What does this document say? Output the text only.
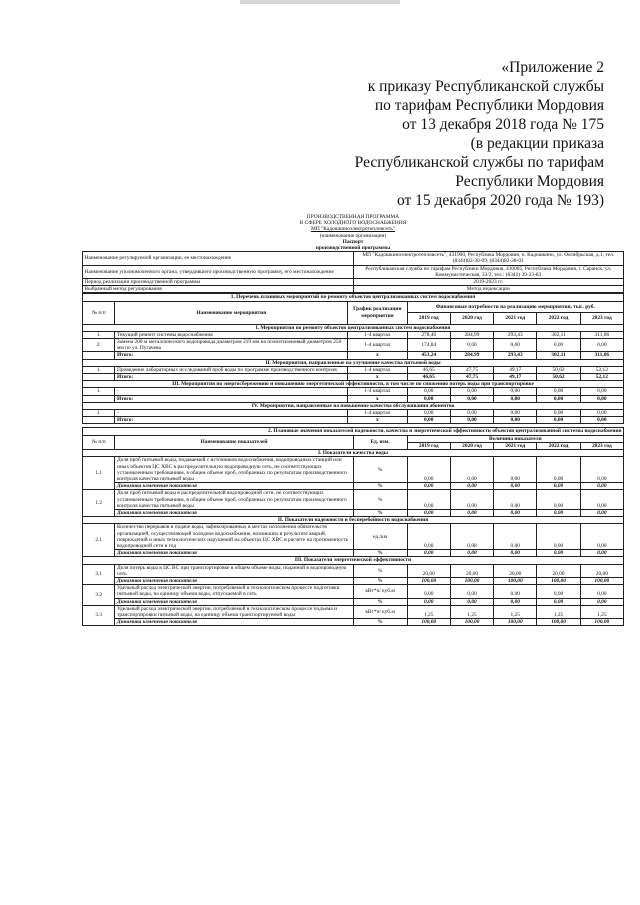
«Приложение 2
к приказу Республиканской службы
по тарифам Республики Мордовия
от 13 декабря 2018 года № 175
(в редакции приказа
Республиканской службы по тарифам
Республики Мордовия
от 15 декабря 2020 года № 193)
ПРОИЗВОДСТВЕННАЯ ПРОГРАММА
В СФЕРЕ ХОЛОДНОГО ВОДОСНАБЖЕНИЯ
МП "Кадошкиноэлектротепловсеть"
(наименование организации)
Паспорт
производственной программы
Наименование регулируемой организации, ее местонахождение	МП "Кадошкиноэлектротепловсеть", 431900, Республика Мордовия, п. Кадошкино, ул. Октябрьская, д.1, тел. (8344)82-30-09, (8344)82-38-01
Наименование уполномоченного органа, утвердившего производственную программу, его местонахождение	Республиканская служба по тарифам Республики Мордовия, 430005, Республика Мордовия, г. Саранск, ул. Коммунистическая, 33/2, тел.: (8342) 39-23-83
Период реализации производственной программы	2019-2023 гг.
Выбранный метод регулирования	Метод индексации
1. Перечень плановых мероприятий по ремонту объектов централизованных систем водоснабжения							
№ п/п	Наименование мероприятия	График реализации мероприятия	Финансовые потребности на реализацию мероприятия, тыс. руб.				
			2019 год	2020 год	2021 год	2022 год	2023 год
I. Мероприятия по ремонту объектов централизованных систем водоснабжения							
1.	Текущий ремонт системы водоснабжения	1-4 квартал	278,40	284,99	293,43	302,11	311,06
2.	Замена 200 м металлического водопровода диаметром 219 мм на полиэтиленовый диаметром 250 мм по ул. Пугачева	1-4 квартал	174,84	0,00	0,00	0,00	0,00
	Итого:	х	453,24	284,99	293,43	302,11	311,06
II. Мероприятия, направленные на улучшение качества питьевой воды							
1.	Проведение лабораторных исследований проб воды по программе производственного контроля	1-4 квартал	46,65	47,75	49,17	50,62	52,12
	Итого:	х	46,65	47,75	49,17	50,62	52,12
III. Мероприятия по энергосбережению и повышению энергетической эффективности, в том числе по снижению потерь воды при транспортировке							
1.	-	1-4 квартал	0,00	0,00	0,00	0,00	0,00
	Итого:	х	0,00	0,00	0,00	0,00	0,00
IV. Мероприятия, направленные на повышение качества обслуживания абонентов							
1.	-	1-4 квартал	0,00	0,00	0,00	0,00	0,00
	Итого:	х	0,00	0,00	0,00	0,00	0,00
2. Плановые значения показателей надежности, качества и энергетической эффективности объектов централизованной системы водоснабжения							
№ п/п	Наименование показателей	Ед. изм.	Величина показателя				
			2019 год	2020 год	2021 год	2022 год	2023 год
I. Показатели качества воды							
1.1	Доля проб питьевой воды, подаваемой с источников водоснабжения, водопроводных станций или иных объектов ЦС ХВС в распределительную водопроводную сеть, не соответствующих установленным требованиям, в общем объеме проб, отобранных по результатам производственного контроля качества питьевой воды	%	0,00	0,00	0,00	0,00	0,00
	Динамика изменения показателя	%	0,00	0,00	0,00	0,00	0,00
1.2	Доля проб питьевой воды в распределительной водопроводной сети, не соответствующих установленным требованиям, в общем объеме проб, отобранных по результатам производственного контроля качества питьевой воды	%	0,00	0,00	0,00	0,00	0,00
	Динамика изменения показателя	%	0,00	0,00	0,00	0,00	0,00
II. Показатели надежности и бесперебойности водоснабжения							
2.1	Количество перерывов в подаче воды, зафиксированных в местах исполнения обязательств организацией, осуществляющей холодное водоснабжение, возникших в результате аварий, повреждений и иных технологических нарушений на объектах ЦС ХВС в расчете на протяженность водопроводной сети в год	ед./км	0,00	0,08	0,00	0,00	0,00
	Динамика изменения показателя	%	0,00	0,00	0,00	0,00	0,00
III. Показатели энергетической эффективности							
3.1	Доля потерь воды в ЦС ВС при транспортировке в общем объеме воды, поданной в водопроводную сеть	%	20,00	20,00	20,00	20,00	20,00
	Динамика изменения показателя	%	100,00	100,00	100,00	100,00	100,00
3.2	Удельный расход электрической энергии, потребляемой в технологическом процессе подготовки питьевой воды, на единицу объема воды, отпускаемой в сеть	кВт*ч/ куб.м	0,00	0,00	0,00	0,00	0,00
	Динамика изменения показателя	%	0,00	0,00	0,00	0,00	0,00
3.3	Удельный расход электрической энергии, потребляемой в технологическом процессе подъема и транспортировки питьевой воды, на единицу объема транспортируемой воды	кВт*ч/ куб.м	1,25	1,25	1,25	1,25	1,25
	Динамика изменения показателя	%	100,00	100,00	100,00	100,00	100,00
